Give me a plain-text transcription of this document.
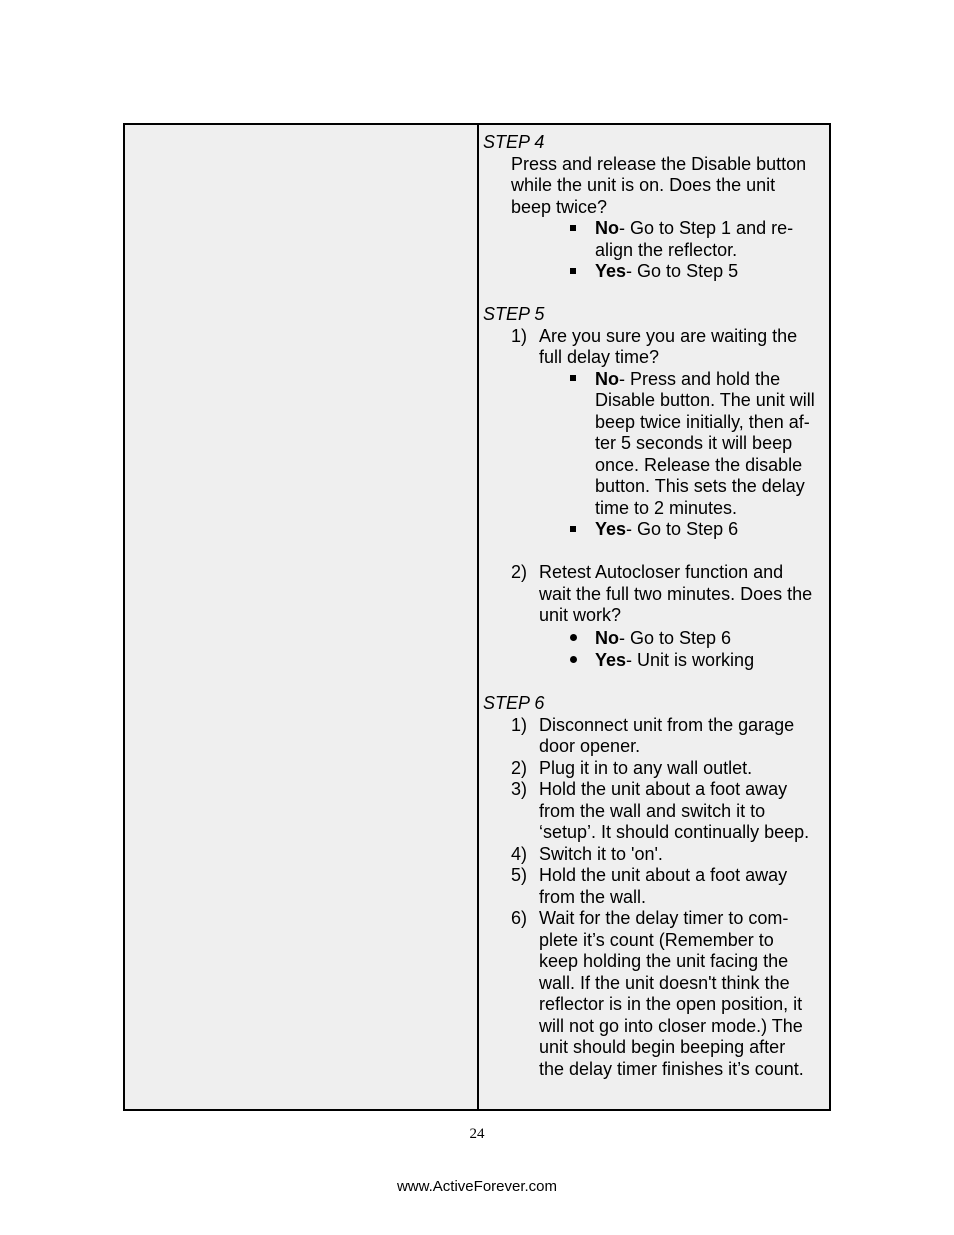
STEP 4

Press and release the Disable button
while the unit is on. Does the unit
beep twice?
No- Go to Step 1 and re-
align the reflector.
Yes- Go to Step 5

STEP 5

1) Are you sure you are waiting the
full delay time?
No- Press and hold the
Disable button. The unit will
beep twice initially, then af-
ter 5 seconds it will beep
once. Release the disable
button. This sets the delay
time to 2 minutes.
Yes- Go to Step 6
2) Retest Autocloser function and
wait the full two minutes. Does the
unit work?
No- Go to Step 6
Yes- Unit is working

STEP 6

1) Disconnect unit from the garage
door opener.
2) Plug it in to any wall outlet.
3) Hold the unit about a foot away
from the wall and switch it to
‘setup’. It should continually beep.
4) Switch it to 'on'.
5) Hold the unit about a foot away
from the wall.
6) Wait for the delay timer to com-
plete it’s count (Remember to
keep holding the unit facing the
wall. If the unit doesn't think the
reflector is in the open position, it
will not go into closer mode.) The
unit should begin beeping after
the delay timer finishes it’s count.
24
www.ActiveForever.com
